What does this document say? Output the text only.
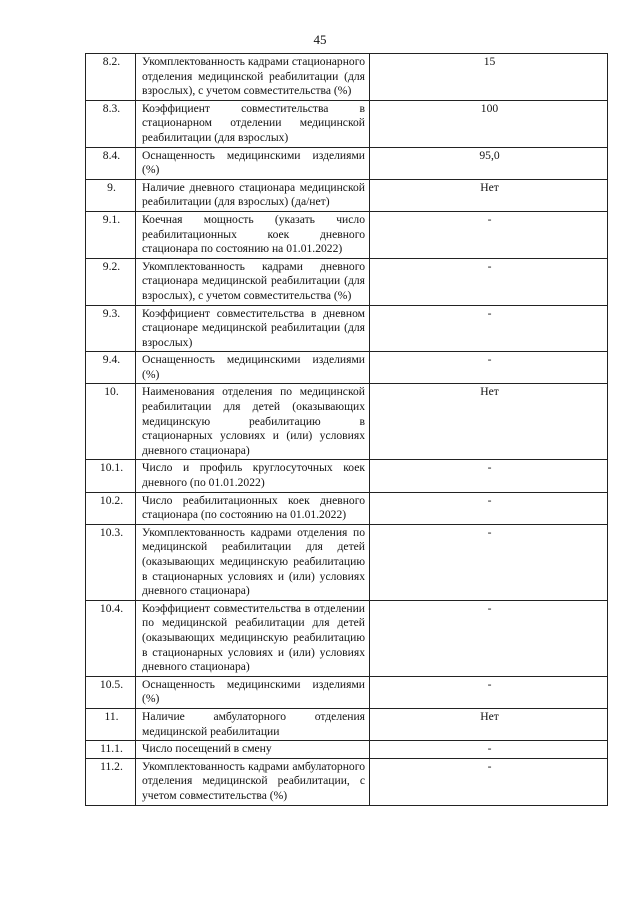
45
8.2.	Укомплектованность кадрами стационарного отделения медицинской реабилитации (для взрослых), с учетом совместительства (%)	15
8.3.	Коэффициент совместительства в стационарном отделении медицинской реабилитации (для взрослых)	100
8.4.	Оснащенность медицинскими изделиями (%)	95,0
9.	Наличие дневного стационара медицинской реабилитации (для взрослых) (да/нет)	Нет
9.1.	Коечная мощность (указать число реабилитационных коек дневного стационара по состоянию на 01.01.2022)	-
9.2.	Укомплектованность кадрами дневного стационара медицинской реабилитации (для взрослых), с учетом совместительства (%)	-
9.3.	Коэффициент совместительства в дневном стационаре медицинской реабилитации (для взрослых)	-
9.4.	Оснащенность медицинскими изделиями (%)	-
10.	Наименования отделения по медицинской реабилитации для детей (оказывающих медицинскую реабилитацию в стационарных условиях и (или) условиях дневного стационара)	Нет
10.1.	Число и профиль круглосуточных коек дневного (по 01.01.2022)	-
10.2.	Число реабилитационных коек дневного стационара (по состоянию на 01.01.2022)	-
10.3.	Укомплектованность кадрами отделения по медицинской реабилитации для детей (оказывающих медицинскую реабилитацию в стационарных условиях и (или) условиях дневного стационара)	-
10.4.	Коэффициент совместительства в отделении по медицинской реабилитации для детей (оказывающих медицинскую реабилитацию в стационарных условиях и (или) условиях дневного стационара)	-
10.5.	Оснащенность медицинскими изделиями (%)	-
11.	Наличие амбулаторного отделения медицинской реабилитации	Нет
11.1.	Число посещений в смену	-
11.2.	Укомплектованность кадрами амбулаторного отделения медицинской реабилитации, с учетом совместительства (%)	-
